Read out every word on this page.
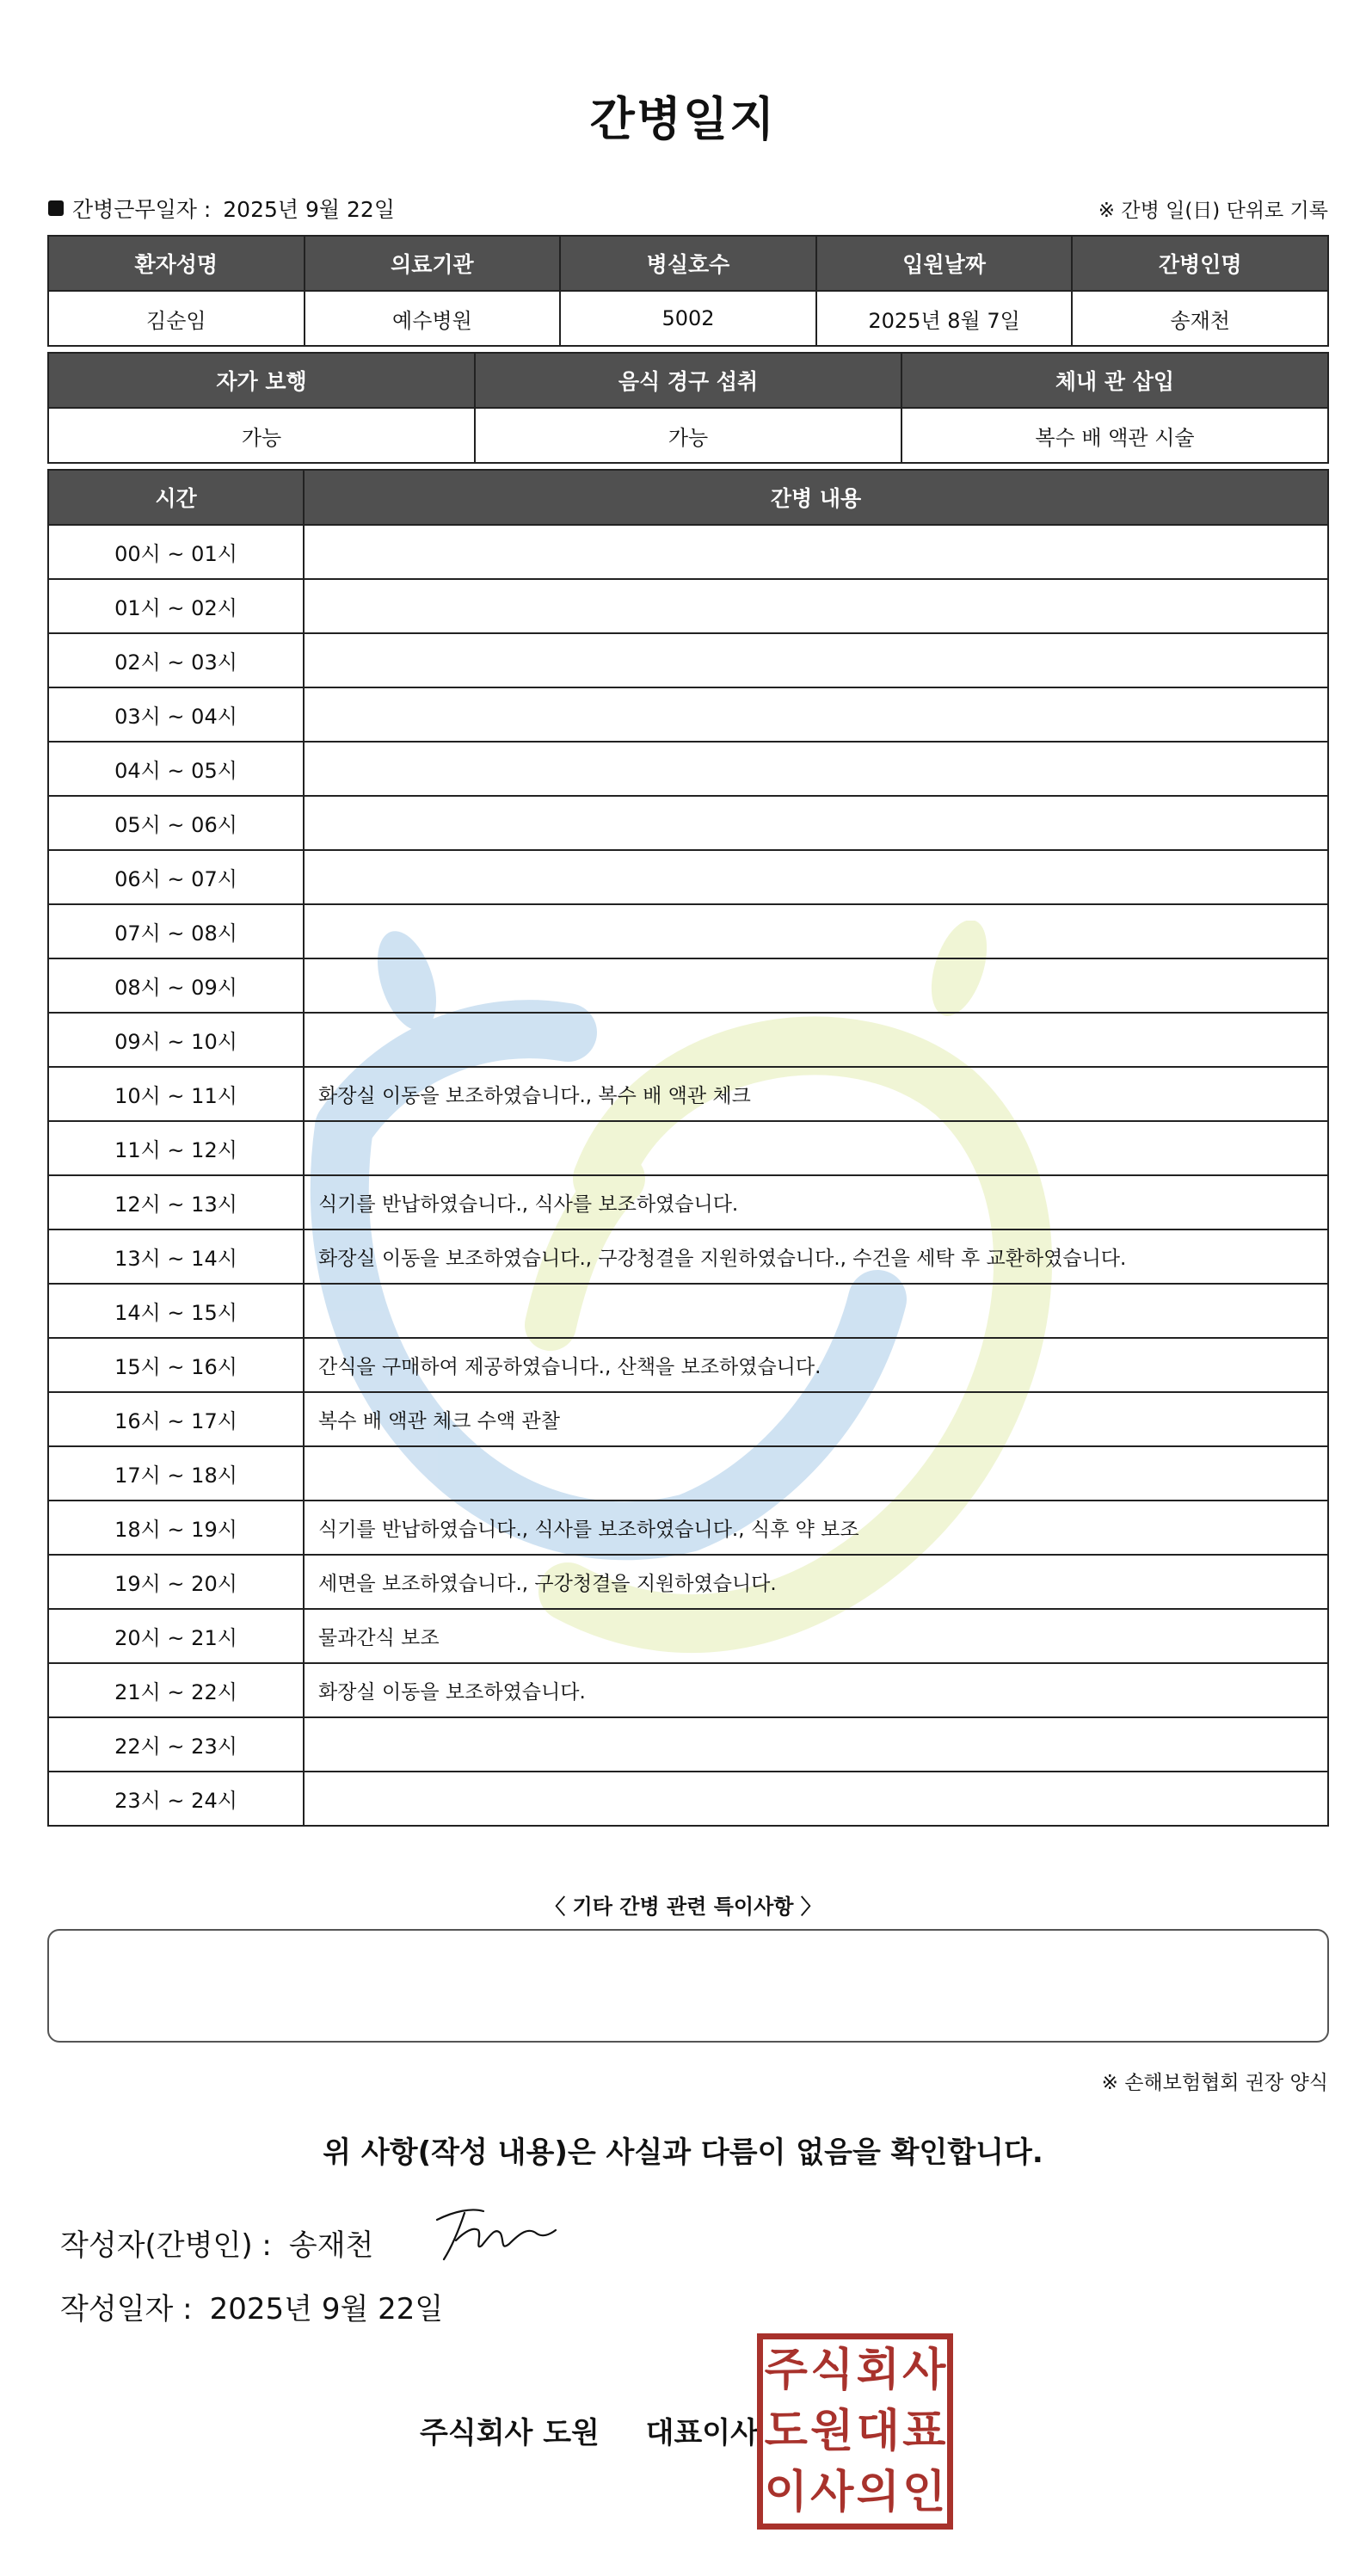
간병일지
간병근무일자 : 2025년 9월 22일	※ 간병 일(日) 단위로 기록
환자성명	의료기관	병실호수	입원날짜	간병인명
김순임	예수병원	5002	2025년 8월 7일	송재천
자가 보행	음식 경구 섭취	체내 관 삽입
가능	가능	복수 배 액관 시술
시간	간병 내용
00시 ~ 01시	
01시 ~ 02시	
02시 ~ 03시	
03시 ~ 04시	
04시 ~ 05시	
05시 ~ 06시	
06시 ~ 07시	
07시 ~ 08시	
08시 ~ 09시	
09시 ~ 10시	
10시 ~ 11시	화장실 이동을 보조하였습니다., 복수 배 액관 체크
11시 ~ 12시	
12시 ~ 13시	식기를 반납하였습니다., 식사를 보조하였습니다.
13시 ~ 14시	화장실 이동을 보조하였습니다., 구강청결을 지원하였습니다., 수건을 세탁 후 교환하였습니다.
14시 ~ 15시	
15시 ~ 16시	간식을 구매하여 제공하였습니다., 산책을 보조하였습니다.
16시 ~ 17시	복수 배 액관 체크 수액 관찰
17시 ~ 18시	
18시 ~ 19시	식기를 반납하였습니다., 식사를 보조하였습니다., 식후 약 보조
19시 ~ 20시	세면을 보조하였습니다., 구강청결을 지원하였습니다.
20시 ~ 21시	물과간식 보조
21시 ~ 22시	화장실 이동을 보조하였습니다.
22시 ~ 23시	
23시 ~ 24시	
〈 기타 간병 관련 특이사항 〉
※ 손해보험협회 권장 양식
위 사항(작성 내용)은 사실과 다름이 없음을 확인합니다.
작성자(간병인) : 송재천
작성일자 : 2025년 9월 22일
주식회사 도원 대표이사
주 식 회 사
도 원 대 표
이 사 의 인
